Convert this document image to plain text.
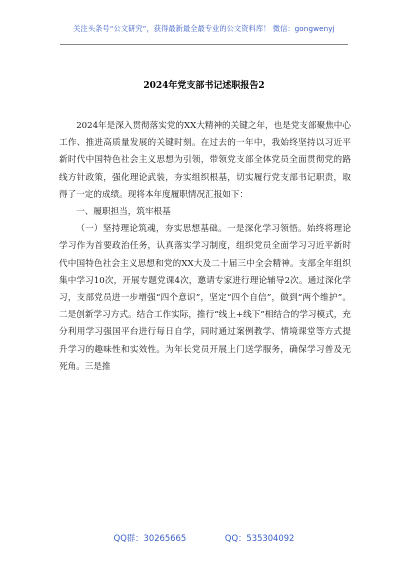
关注头条号“公文研究”，获得最新最全最专业的公文资料库！ 微信：gongwenyj
2024年党支部书记述职报告2

2024年是深入贯彻落实党的XX大精神的关键之年，也是党支部聚焦中心工作、推进高质量发展的关键时刻。在过去的一年中，我始终坚持以习近平新时代中国特色社会主义思想为引领，带领党支部全体党员全面贯彻党的路线方针政策，强化理论武装，夯实组织根基，切实履行党支部书记职责，取得了一定的成绩。现将本年度履职情况汇报如下：

一、履职担当，筑牢根基

（一）坚持理论筑魂，夯实思想基础。一是深化学习领悟。始终将理论学习作为首要政治任务，认真落实学习制度，组织党员全面学习习近平新时代中国特色社会主义思想和党的XX大及二十届三中全会精神。支部全年组织集中学习10次，开展专题党课4次，邀请专家进行理论辅导2次。通过深化学习，支部党员进一步增强“四个意识”，坚定“四个自信”，做到“两个维护”。二是创新学习方式。结合工作实际，推行“线上+线下”相结合的学习模式，充分利用学习强国平台进行每日自学，同时通过案例教学、情境课堂等方式提升学习的趣味性和实效性。为年长党员开展上门送学服务，确保学习普及无死角。三是推

QQ群：30265665	QQ：535304092
